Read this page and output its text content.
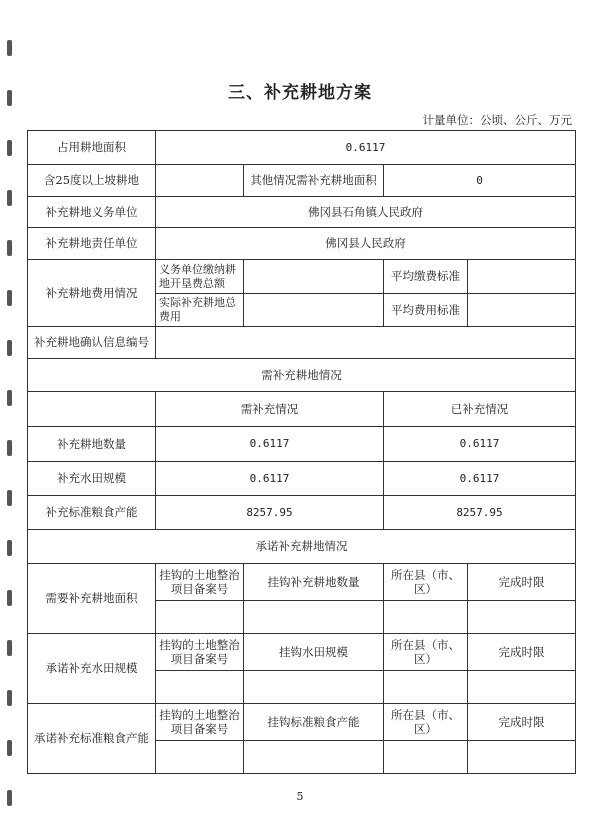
三、补充耕地方案
计量单位：公顷、公斤、万元
占用耕地面积	0.6117			
含25度以上坡耕地		其他情况需补充耕地面积	0	
补充耕地义务单位	佛冈县石角镇人民政府			
补充耕地责任单位	佛冈县人民政府			
补充耕地费用情况	义务单位缴纳耕地开垦费总额		平均缴费标准	
	实际补充耕地总费用		平均费用标准	
补充耕地确认信息编号				
需补充耕地情况				
	需补充情况		已补充情况	
补充耕地数量	0.6117		0.6117	
补充水田规模	0.6117		0.6117	
补充标准粮食产能	8257.95		8257.95	
承诺补充耕地情况				
需要补充耕地面积	挂钩的土地整治项目备案号	挂钩补充耕地数量	所在县（市、区）	完成时限

承诺补充水田规模	挂钩的土地整治项目备案号	挂钩水田规模	所在县（市、区）	完成时限

承诺补充标准粮食产能	挂钩的土地整治项目备案号	挂钩标准粮食产能	所在县（市、区）	完成时限

5
